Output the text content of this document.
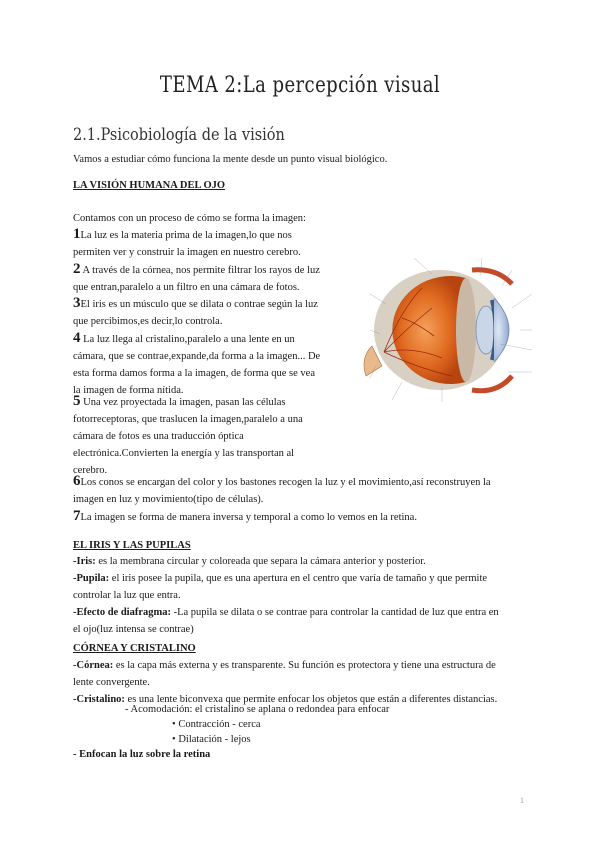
TEMA 2:La percepción visual
2.1.Psicobiología de la visión
Vamos a estudiar cómo funciona la mente desde un punto visual biológico.
LA VISIÓN HUMANA DEL OJO
Contamos con un proceso de cómo se forma la imagen:
1La luz es la materia prima de la imagen,lo que nos
permiten ver y construir la imagen en nuestro cerebro.
2 A través de la córnea, nos permite filtrar los rayos de luz
que entran,paralelo a un filtro en una cámara de fotos.
3El iris es un músculo que se dilata o contrae según la luz
que percibimos,es decir,lo controla.
4 La luz llega al cristalino,paralelo a una lente en un
cámara, que se contrae,expande,da forma a la imagen... De
esta forma damos forma a la imagen, de forma que se vea
la imagen de forma nítida.
5 Una vez proyectada la imagen, pasan las células
fotorreceptoras, que traslucen la imagen,paralelo a una
cámara de fotos es una traducción óptica
electrónica.Convierten la energía y las transportan al
cerebro.
6Los conos se encargan del color y los bastones recogen la luz y el movimiento,así reconstruyen la
imagen en luz y movimiento(tipo de células).
7La imagen se forma de manera inversa y temporal a como lo vemos en la retina.
EL IRIS Y LAS PUPILAS
-Iris: es la membrana circular y coloreada que separa la cámara anterior y posterior.
-Pupila: el iris posee la pupila, que es una apertura en el centro que varía de tamaño y que permite
controlar la luz que entra.
-Efecto de diafragma: -La pupila se dilata o se contrae para controlar la cantidad de luz que entra en
el ojo(luz intensa se contrae)
CÓRNEA Y CRISTALINO
-Córnea: es la capa más externa y es transparente. Su función es protectora y tiene una estructura de
lente convergente.
-Cristalino: es una lente biconvexa que permite enfocar los objetos que están a diferentes distancias.
- Acomodación: el cristalino se aplana o redondea para enfocar
• Contracción - cerca
• Dilatación - lejos
- Enfocan la luz sobre la retina
1
